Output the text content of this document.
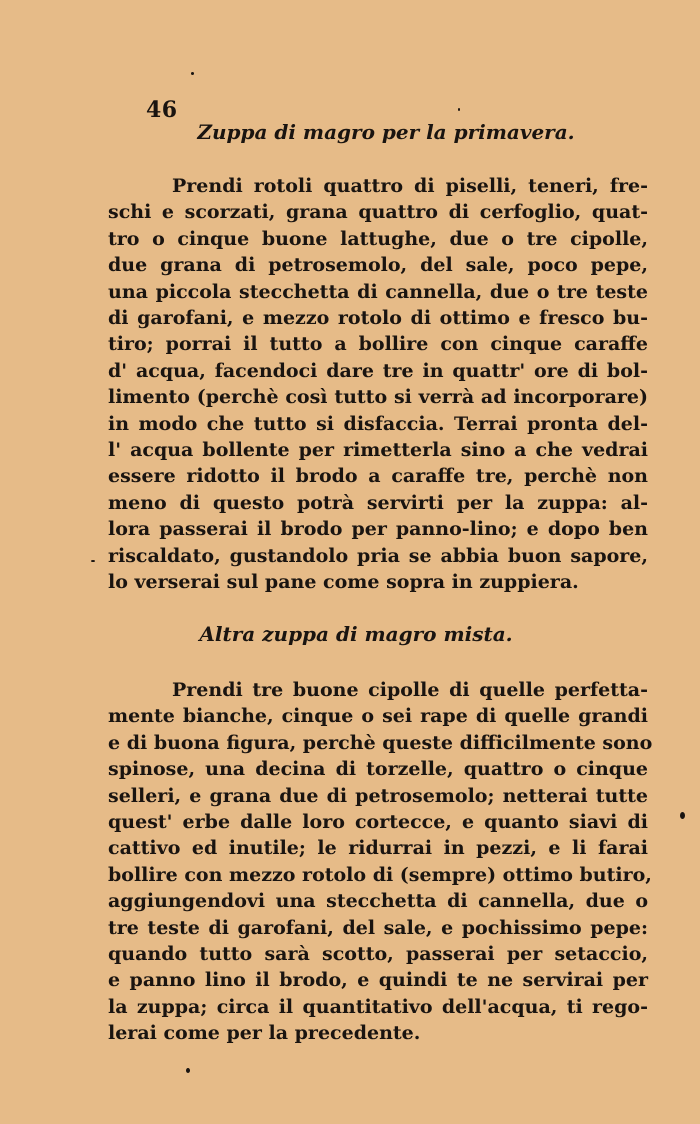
46
Zuppa di magro per la primavera.
Prendi rotoli quattro di piselli, teneri, fre-
schi e scorzati, grana quattro di cerfoglio, quat-
tro o cinque buone lattughe, due o tre cipolle,
due grana di petrosemolo, del sale, poco pepe,
una piccola stecchetta di cannella, due o tre teste
di garofani, e mezzo rotolo di ottimo e fresco bu-
tiro; porrai il tutto a bollire con cinque caraffe
d' acqua, facendoci dare tre in quattr' ore di bol-
limento (perchè così tutto si verrà ad incorporare)
in modo che tutto si disfaccia. Terrai pronta del-
l' acqua bollente per rimetterla sino a che vedrai
essere ridotto il brodo a caraffe tre, perchè non
meno di questo potrà servirti per la zuppa: al-
lora passerai il brodo per panno-lino; e dopo ben
riscaldato, gustandolo pria se abbia buon sapore,
lo verserai sul pane come sopra in zuppiera.
Altra zuppa di magro mista.
Prendi tre buone cipolle di quelle perfetta-
mente bianche, cinque o sei rape di quelle grandi
e di buona figura, perchè queste difficilmente sono
spinose, una decina di torzelle, quattro o cinque
selleri, e grana due di petrosemolo; netterai tutte
quest' erbe dalle loro cortecce, e quanto siavi di
cattivo ed inutile; le ridurrai in pezzi, e li farai
bollire con mezzo rotolo di (sempre) ottimo butiro,
aggiungendovi una stecchetta di cannella, due o
tre teste di garofani, del sale, e pochissimo pepe:
quando tutto sarà scotto, passerai per setaccio,
e panno lino il brodo, e quindi te ne servirai per
la zuppa; circa il quantitativo dell'acqua, ti rego-
lerai come per la precedente.
